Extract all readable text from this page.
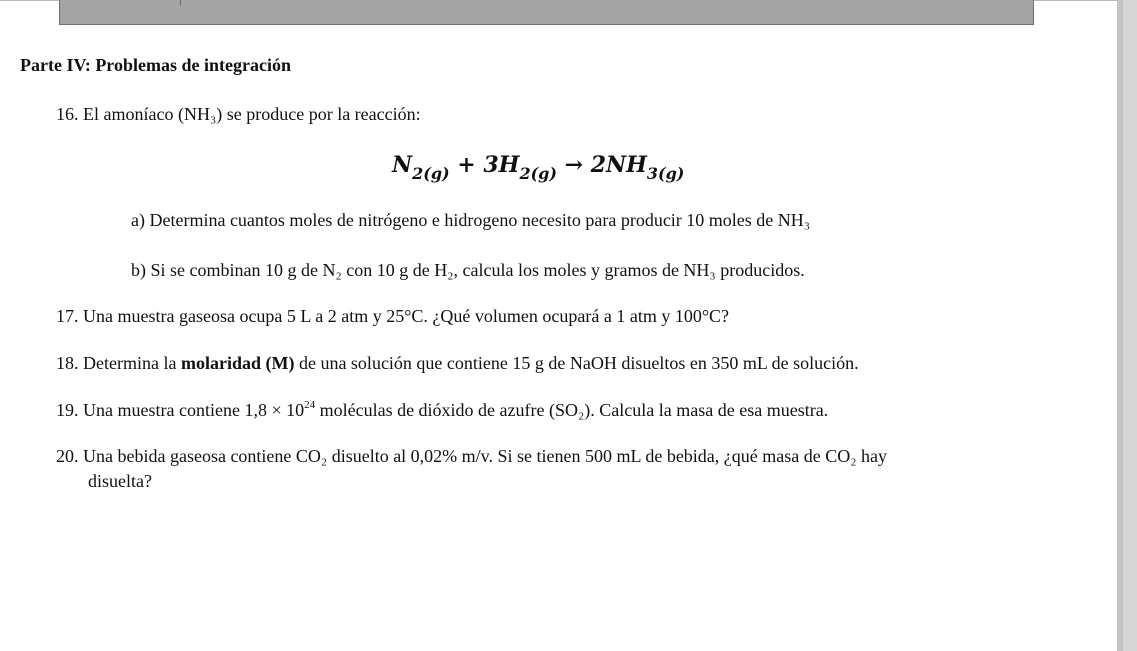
Parte IV: Problemas de integración
16. El amoníaco (NH₃) se produce por la reacción:
$N_{2(g)} + 3H_{2(g)} \to 2NH_{3(g)}$
a) Determina cuantos moles de nitrógeno e hidrogeno necesito para producir 10 moles de NH₃
b) Si se combinan 10 g de N₂ con 10 g de H₂, calcula los moles y gramos de NH₃ producidos.
17. Una muestra gaseosa ocupa 5 L a 2 atm y 25°C. ¿Qué volumen ocupará a 1 atm y 100°C?
18. Determina la molaridad (M) de una solución que contiene 15 g de NaOH disueltos en 350 mL de solución.
19. Una muestra contiene $1,8 \times 10^{24}$ moléculas de dióxido de azufre (SO₂). Calcula la masa de esa muestra.
20. Una bebida gaseosa contiene CO₂ disuelto al 0,02% m/v. Si se tienen 500 mL de bebida, ¿qué masa de CO₂ hay
disuelta?
